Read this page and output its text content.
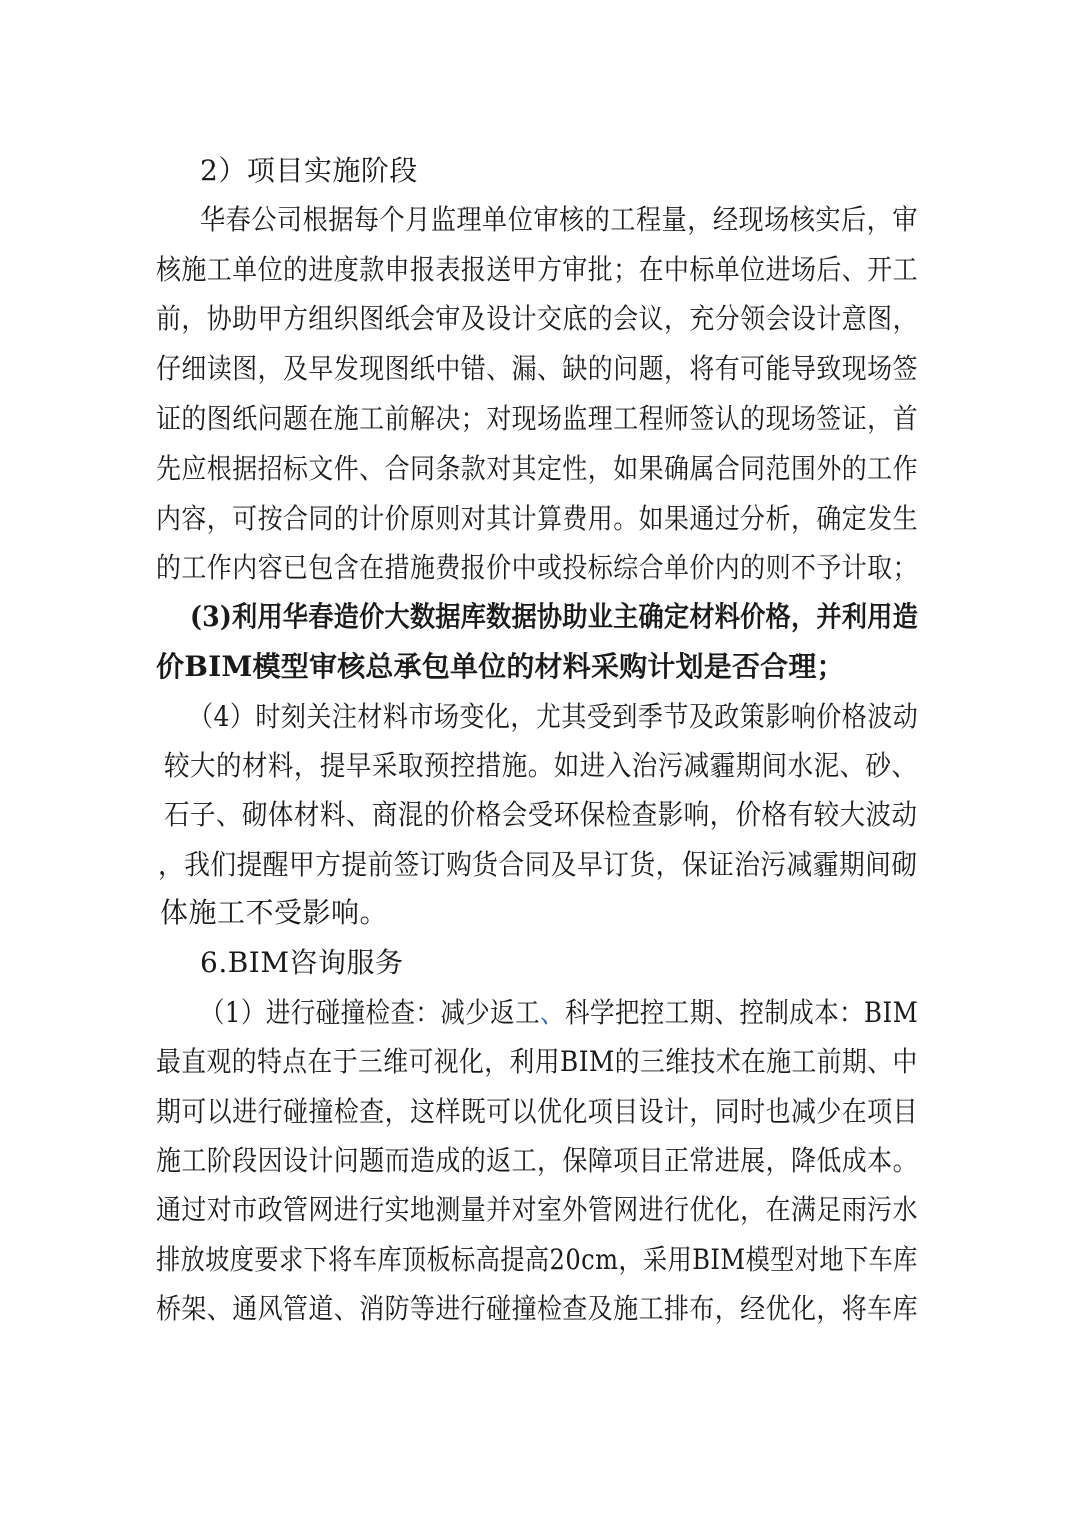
2）项目实施阶段
华春公司根据每个月监理单位审核的工程量，经现场核实后，审
核施工单位的进度款申报表报送甲方审批；在中标单位进场后、开工
前，协助甲方组织图纸会审及设计交底的会议，充分领会设计意图，
仔细读图，及早发现图纸中错、漏、缺的问题，将有可能导致现场签
证的图纸问题在施工前解决；对现场监理工程师签认的现场签证，首
先应根据招标文件、合同条款对其定性，如果确属合同范围外的工作
内容，可按合同的计价原则对其计算费用。如果通过分析，确定发生
的工作内容已包含在措施费报价中或投标综合单价内的则不予计取；
(3)利用华春造价大数据库数据协助业主确定材料价格，并利用造
价BIM模型审核总承包单位的材料采购计划是否合理；
（4）时刻关注材料市场变化，尤其受到季节及政策影响价格波动
较大的材料，提早采取预控措施。如进入治污减霾期间水泥、砂、
石子、砌体材料、商混的价格会受环保检查影响，价格有较大波动
，我们提醒甲方提前签订购货合同及早订货，保证治污减霾期间砌
体施工不受影响。
6.BIM咨询服务
（1）进行碰撞检查：减少返工、科学把控工期、控制成本：BIM
最直观的特点在于三维可视化，利用BIM的三维技术在施工前期、中
期可以进行碰撞检查，这样既可以优化项目设计，同时也减少在项目
施工阶段因设计问题而造成的返工，保障项目正常进展，降低成本。
通过对市政管网进行实地测量并对室外管网进行优化，在满足雨污水
排放坡度要求下将车库顶板标高提高20cm，采用BIM模型对地下车库
桥架、通风管道、消防等进行碰撞检查及施工排布，经优化，将车库
